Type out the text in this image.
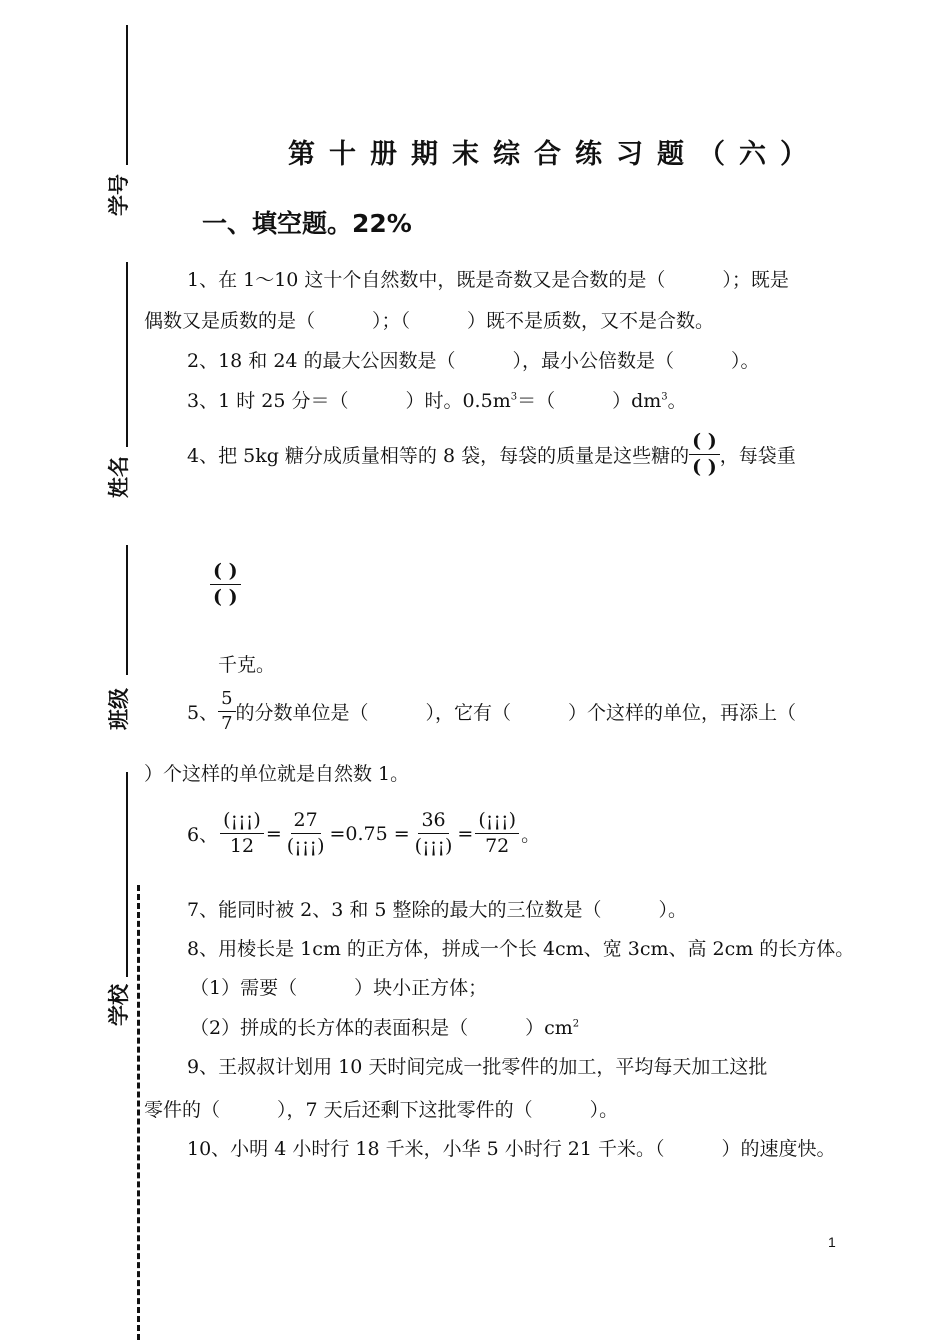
学号
姓名
班级
学校
第十册期末综合练习题（六）
一、填空题。22%
1、在 1～10 这十个自然数中，既是奇数又是合数的是（　　　）；既是
偶数又是质数的是（　　　）；（　　　）既不是质数，又不是合数。
2、18 和 24 的最大公因数是（　　　），最小公倍数是（　　　）。
3、1 时 25 分＝（　　　）时。$0.5m^3=$（　　　）$dm^3$。
4、把 5kg 糖分成质量相等的 8 袋，每袋的质量是这些糖的 $\frac{( )}{( )}$ ，每袋重
$\frac{( )}{( )}$
千克。
5、 $\frac{5}{7}$ 的分数单位是（　　　），它有（　　　）个这样的单位，再添上（
）个这样的单位就是自然数 1。
6、 $\frac{(¡¡¡)}{12} = \frac{27}{(¡¡¡)} =0.75 = \frac{36}{(¡¡¡)} = \frac{(¡¡¡)}{72}$ 。
7、能同时被 2、3 和 5 整除的最大的三位数是（　　　）。
8、用棱长是 1cm 的正方体，拼成一个长 4cm、宽 3cm、高 2cm 的长方体。
（1）需要（　　　）块小正方体；
（2）拼成的长方体的表面积是（　　　）$cm^2$
9、王叔叔计划用 10 天时间完成一批零件的加工，平均每天加工这批
零件的（　　　），7 天后还剩下这批零件的（　　　）。
10、小明 4 小时行 18 千米，小华 5 小时行 21 千米。（　　　）的速度快。
1
